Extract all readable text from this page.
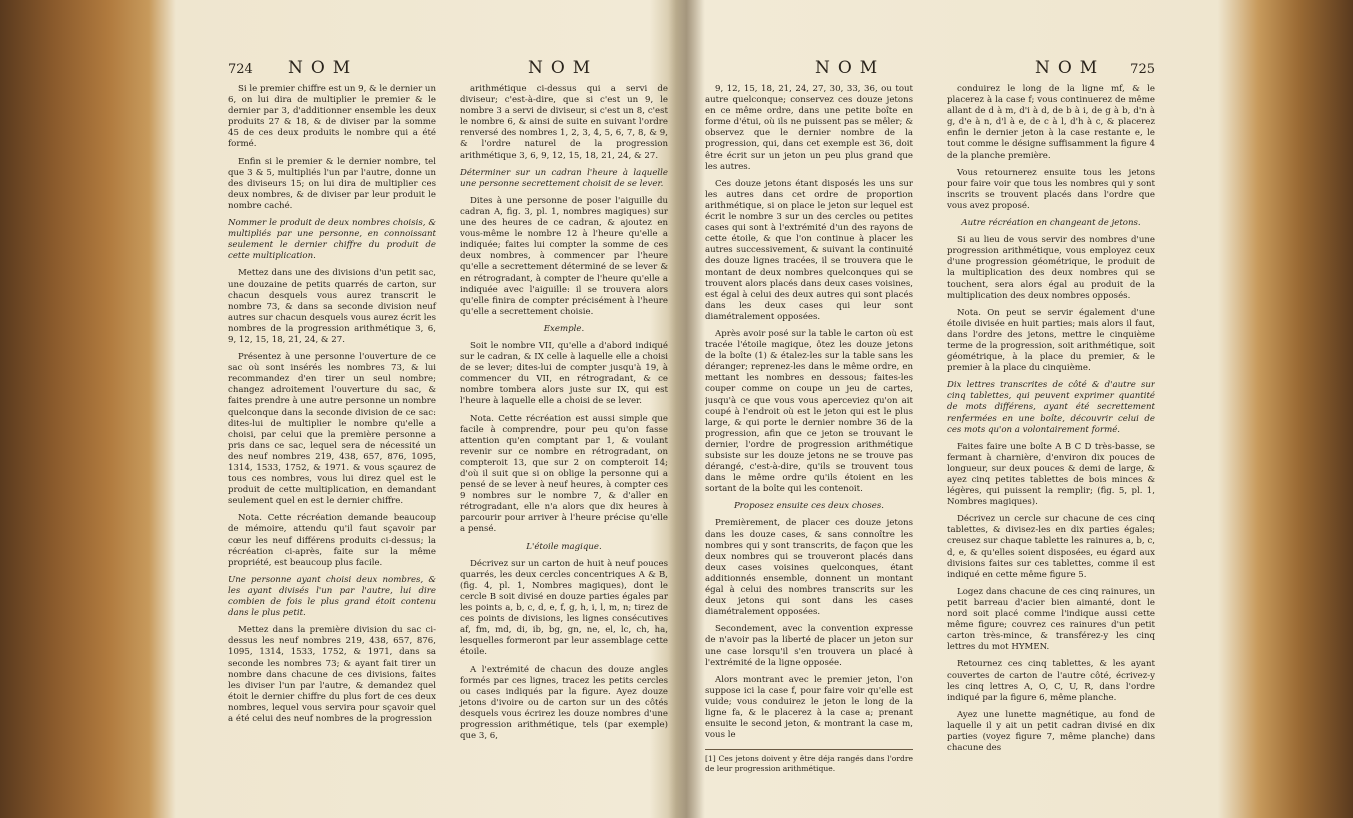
724 NOM	NOM

Si le premier chiffre est un 9, & le dernier un 6, on lui dira de multiplier le premier & le dernier par 3, d'additionner ensemble les deux produits 27 & 18, & de diviser par la somme 45 de ces deux produits le nombre qui a été formé.

Enfin si le premier & le dernier nombre, tel que 3 & 5, multipliés l'un par l'autre, donne un des diviseurs 15; on lui dira de multiplier ces deux nombres, & de diviser par leur produit le nombre caché.

Nommer le produit de deux nombres choisis, & multipliés par une personne, en connoissant seulement le dernier chiffre du produit de cette multiplication.

Mettez dans une des divisions d'un petit sac, une douzaine de petits quarrés de carton, sur chacun desquels vous aurez transcrit le nombre 73, & dans sa seconde division neuf autres sur chacun desquels vous aurez écrit les nombres de la progression arithmétique 3, 6, 9, 12, 15, 18, 21, 24, & 27.

Présentez à une personne l'ouverture de ce sac où sont insérés les nombres 73, & lui recommandez d'en tirer un seul nombre; changez adroitement l'ouverture du sac, & faites prendre à une autre personne un nombre quelconque dans la seconde division de ce sac: dites-lui de multiplier le nombre qu'elle a choisi, par celui que la première personne a pris dans ce sac, lequel sera de nécessité un des neuf nombres 219, 438, 657, 876, 1095, 1314, 1533, 1752, & 1971. & vous sçaurez de tous ces nombres, vous lui direz quel est le produit de cette multiplication, en demandant seulement quel en est le dernier chiffre.

Nota. Cette récréation demande beaucoup de mémoire, attendu qu'il faut sçavoir par cœur les neuf différens produits ci-dessus; la récréation ci-après, faite sur la même propriété, est beaucoup plus facile.

Une personne ayant choisi deux nombres, & les ayant divisés l'un par l'autre, lui dire combien de fois le plus grand étoit contenu dans le plus petit.

Mettez dans la première division du sac ci-dessus les neuf nombres 219, 438, 657, 876, 1095, 1314, 1533, 1752, & 1971, dans sa seconde les nombres 73; & ayant fait tirer un nombre dans chacune de ces divisions, faites les diviser l'un par l'autre, & demandez quel étoit le dernier chiffre du plus fort de ces deux nombres, lequel vous servira pour sçavoir quel a été celui des neuf nombres de la progression

arithmétique ci-dessus qui a servi de diviseur; c'est-à-dire, que si c'est un 9, le nombre 3 a servi de diviseur, si c'est un 8, c'est le nombre 6, & ainsi de suite en suivant l'ordre renversé des nombres 1, 2, 3, 4, 5, 6, 7, 8, & 9, & l'ordre naturel de la progression arithmétique 3, 6, 9, 12, 15, 18, 21, 24, & 27.

Déterminer sur un cadran l'heure à laquelle une personne secrettement choisit de se lever.

Dites à une personne de poser l'aiguille du cadran A, fig. 3, pl. 1, nombres magiques) sur une des heures de ce cadran, & ajoutez en vous-même le nombre 12 à l'heure qu'elle a indiquée; faites lui compter la somme de ces deux nombres, à commencer par l'heure qu'elle a secrettement déterminé de se lever & en rétrogradant, à compter de l'heure qu'elle a indiquée avec l'aiguille: il se trouvera alors qu'elle finira de compter précisément à l'heure qu'elle a secrettement choisie.

Exemple.

Soit le nombre VII, qu'elle a d'abord indiqué sur le cadran, & IX celle à laquelle elle a choisi de se lever; dites-lui de compter jusqu'à 19, à commencer du VII, en rétrogradant, & ce nombre tombera alors juste sur IX, qui est l'heure à laquelle elle a choisi de se lever.

Nota. Cette récréation est aussi simple que facile à comprendre, pour peu qu'on fasse attention qu'en comptant par 1, & voulant revenir sur ce nombre en rétrogradant, on compteroit 13, que sur 2 on compteroit 14; d'où il suit que si on oblige la personne qui a pensé de se lever à neuf heures, à compter ces 9 nombres sur le nombre 7, & d'aller en rétrogradant, elle n'a alors que dix heures à parcourir pour arriver à l'heure précise qu'elle a pensé.

L'étoile magique.

Décrivez sur un carton de huit à neuf pouces quarrés, les deux cercles concentriques A & B, (fig. 4, pl. 1, Nombres magiques), dont le cercle B soit divisé en douze parties égales par les points a, b, c, d, e, f, g, h, i, l, m, n; tirez de ces points de divisions, les lignes consécutives af, fm, md, di, ib, bg, gn, ne, el, lc, ch, ha, lesquelles formeront par leur assemblage cette étoile.

A l'extrémité de chacun des douze angles formés par ces lignes, tracez les petits cercles ou cases indiqués par la figure. Ayez douze jetons d'ivoire ou de carton sur un des côtés desquels vous écrirez les douze nombres d'une progression arithmétique, tels (par exemple) que 3, 6,

NOM	NOM 725

9, 12, 15, 18, 21, 24, 27, 30, 33, 36, ou tout autre quelconque; conservez ces douze jetons en ce même ordre, dans une petite boîte en forme d'étui, où ils ne puissent pas se mêler; & observez que le dernier nombre de la progression, qui, dans cet exemple est 36, doit être écrit sur un jeton un peu plus grand que les autres.

Ces douze jetons étant disposés les uns sur les autres dans cet ordre de proportion arithmétique, si on place le jeton sur lequel est écrit le nombre 3 sur un des cercles ou petites cases qui sont à l'extrémité d'un des rayons de cette étoile, & que l'on continue à placer les autres successivement, & suivant la continuité des douze lignes tracées, il se trouvera que le montant de deux nombres quelconques qui se trouvent alors placés dans deux cases voisines, est égal à celui des deux autres qui sont placés dans les deux cases qui leur sont diamétralement opposées.

Après avoir posé sur la table le carton où est tracée l'étoile magique, ôtez les douze jetons de la boîte (1) & étalez-les sur la table sans les déranger; reprenez-les dans le même ordre, en mettant les nombres en dessous; faites-les couper comme on coupe un jeu de cartes, jusqu'à ce que vous vous aperceviez qu'on ait coupé à l'endroit où est le jeton qui est le plus large, & qui porte le dernier nombre 36 de la progression, afin que ce jeton se trouvant le dernier, l'ordre de progression arithmétique subsiste sur les douze jetons ne se trouve pas dérangé, c'est-à-dire, qu'ils se trouvent tous dans le même ordre qu'ils étoient en les sortant de la boîte qui les contenoit.

Proposez ensuite ces deux choses.

Premièrement, de placer ces douze jetons dans les douze cases, & sans connoître les nombres qui y sont transcrits, de façon que les deux nombres qui se trouveront placés dans deux cases voisines quelconques, étant additionnés ensemble, donnent un montant égal à celui des nombres transcrits sur les deux jetons qui sont dans les cases diamétralement opposées.

Secondement, avec la convention expresse de n'avoir pas la liberté de placer un jeton sur une case lorsqu'il s'en trouvera un placé à l'extrémité de la ligne opposée.

Alors montrant avec le premier jeton, l'on suppose ici la case f, pour faire voir qu'elle est vuide; vous conduirez le jeton le long de la ligne fa, & le placerez à la case a; prenant ensuite le second jeton, & montrant la case m, vous le

[1] Ces jetons doivent y être déja rangés dans l'ordre de leur progression arithmétique.

conduirez le long de la ligne mf, & le placerez à la case f; vous continuerez de même allant de d à m, d'i à d, de b à i, de g à b, d'n à g, d'e à n, d'l à e, de c à l, d'h à c, & placerez enfin le dernier jeton à la case restante e, le tout comme le désigne suffisamment la figure 4 de la planche première.

Vous retournerez ensuite tous les jetons pour faire voir que tous les nombres qui y sont inscrits se trouvent placés dans l'ordre que vous avez proposé.

Autre récréation en changeant de jetons.

Si au lieu de vous servir des nombres d'une progression arithmétique, vous employez ceux d'une progression géométrique, le produit de la multiplication des deux nombres qui se touchent, sera alors égal au produit de la multiplication des deux nombres opposés.

Nota. On peut se servir également d'une étoile divisée en huit parties; mais alors il faut, dans l'ordre des jetons, mettre le cinquième terme de la progression, soit arithmétique, soit géométrique, à la place du premier, & le premier à la place du cinquième.

Dix lettres transcrites de côté & d'autre sur cinq tablettes, qui peuvent exprimer quantité de mots différens, ayant été secrettement renfermées en une boîte, découvrir celui de ces mots qu'on a volontairement formé.

Faites faire une boîte A B C D très-basse, se fermant à charnière, d'environ dix pouces de longueur, sur deux pouces & demi de large, & ayez cinq petites tablettes de bois minces & légères, qui puissent la remplir; (fig. 5, pl. 1, Nombres magiques).

Décrivez un cercle sur chacune de ces cinq tablettes, & divisez-les en dix parties égales; creusez sur chaque tablette les rainures a, b, c, d, e, & qu'elles soient disposées, eu égard aux divisions faites sur ces tablettes, comme il est indiqué en cette même figure 5.

Logez dans chacune de ces cinq rainures, un petit barreau d'acier bien aimanté, dont le nord soit placé comme l'indique aussi cette même figure; couvrez ces rainures d'un petit carton très-mince, & transférez-y les cinq lettres du mot HYMEN.

Retournez ces cinq tablettes, & les ayant couvertes de carton de l'autre côté, écrivez-y les cinq lettres A, O, C, U, R, dans l'ordre indiqué par la figure 6, même planche.

Ayez une lunette magnétique, au fond de laquelle il y ait un petit cadran divisé en dix parties (voyez figure 7, même planche) dans chacune des
